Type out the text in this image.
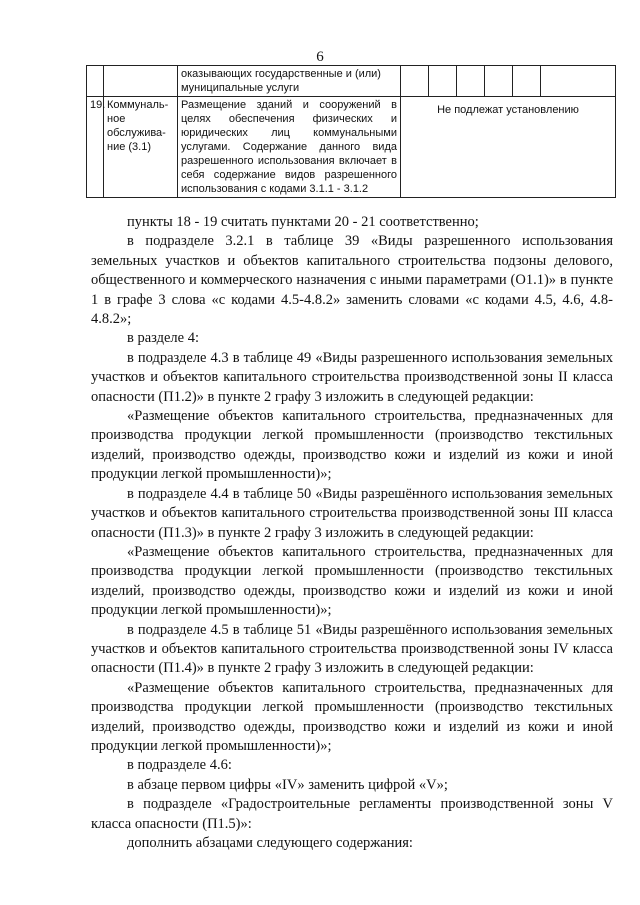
6
		оказывающих государственные и (или) муниципальные услуги						
19.	Коммуналь-ное обслужива-ние (3.1)	Размещение зданий и сооружений в целях обеспечения физических и юридических лиц коммунальными услугами. Содержание данного вида разрешенного использования включает в себя содержание видов разрешенного использования с кодами 3.1.1 - 3.1.2	Не подлежат установлению					

пункты 18 - 19 считать пунктами 20 - 21 соответственно;

в подразделе 3.2.1 в таблице 39 «Виды разрешенного использования земельных участков и объектов капитального строительства подзоны делового, общественного и коммерческого назначения с иными параметрами (О1.1)» в пункте 1 в графе 3 слова «с кодами 4.5-4.8.2» заменить словами «с кодами 4.5, 4.6, 4.8-4.8.2»;

в разделе 4:

в подразделе 4.3 в таблице 49 «Виды разрешенного использования земельных участков и объектов капитального строительства производственной зоны II класса опасности (П1.2)» в пункте 2 графу 3 изложить в следующей редакции:

«Размещение объектов капитального строительства, предназначенных для производства продукции легкой промышленности (производство текстильных изделий, производство одежды, производство кожи и изделий из кожи и иной продукции легкой промышленности)»;

в подразделе 4.4 в таблице 50 «Виды разрешённого использования земельных участков и объектов капитального строительства производственной зоны III класса опасности (П1.3)» в пункте 2 графу 3 изложить в следующей редакции:

«Размещение объектов капитального строительства, предназначенных для производства продукции легкой промышленности (производство текстильных изделий, производство одежды, производство кожи и изделий из кожи и иной продукции легкой промышленности)»;

в подразделе 4.5 в таблице 51 «Виды разрешённого использования земельных участков и объектов капитального строительства производственной зоны IV класса опасности (П1.4)» в пункте 2 графу 3 изложить в следующей редакции:

«Размещение объектов капитального строительства, предназначенных для производства продукции легкой промышленности (производство текстильных изделий, производство одежды, производство кожи и изделий из кожи и иной продукции легкой промышленности)»;

в подразделе 4.6:

в абзаце первом цифры «IV» заменить цифрой «V»;

в подразделе «Градостроительные регламенты производственной зоны V класса опасности (П1.5)»:

дополнить абзацами следующего содержания:
